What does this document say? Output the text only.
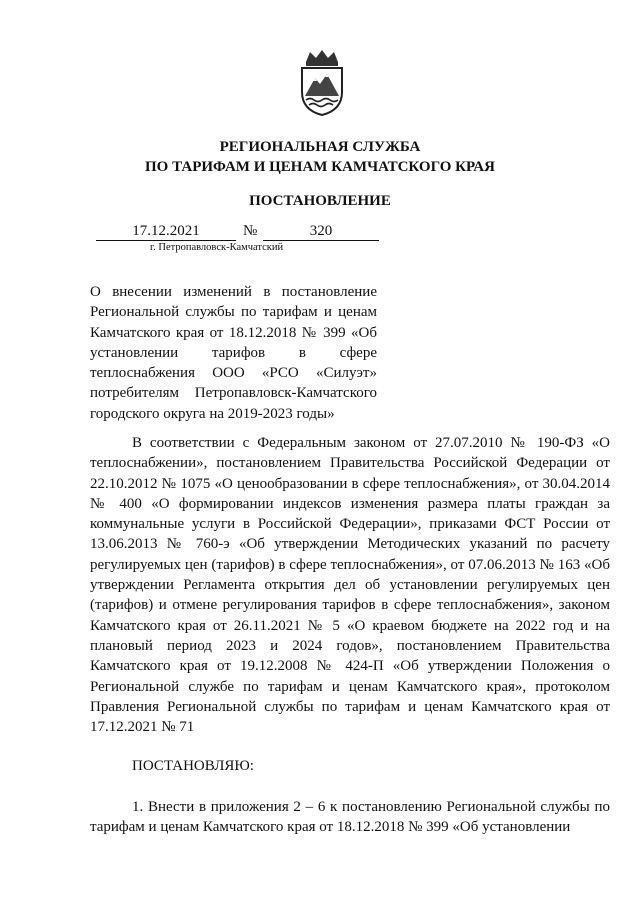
РЕГИОНАЛЬНАЯ СЛУЖБА
ПО ТАРИФАМ И ЦЕНАМ КАМЧАТСКОГО КРАЯ
ПОСТАНОВЛЕНИЕ
17.12.2021	№	320
г. Петропавловск-Камчатский
О внесении изменений в постановление Региональной службы по тарифам и ценам Камчатского края от 18.12.2018 № 399 «Об установлении тарифов в сфере теплоснабжения ООО «РСО «Силуэт» потребителям Петропавловск-Камчатского городского округа на 2019-2023 годы»

В соответствии с Федеральным законом от 27.07.2010 № 190-ФЗ «О теплоснабжении», постановлением Правительства Российской Федерации от 22.10.2012 № 1075 «О ценообразовании в сфере теплоснабжения», от 30.04.2014 № 400 «О формировании индексов изменения размера платы граждан за коммунальные услуги в Российской Федерации», приказами ФСТ России от 13.06.2013 № 760-э «Об утверждении Методических указаний по расчету регулируемых цен (тарифов) в сфере теплоснабжения», от 07.06.2013 № 163 «Об утверждении Регламента открытия дел об установлении регулируемых цен (тарифов) и отмене регулирования тарифов в сфере теплоснабжения», законом Камчатского края от 26.11.2021 № 5 «О краевом бюджете на 2022 год и на плановый период 2023 и 2024 годов», постановлением Правительства Камчатского края от 19.12.2008 № 424-П «Об утверждении Положения о Региональной службе по тарифам и ценам Камчатского края», протоколом Правления Региональной службы по тарифам и ценам Камчатского края от 17.12.2021 № 71

ПОСТАНОВЛЯЮ:

1. Внести в приложения 2 – 6 к постановлению Региональной службы по тарифам и ценам Камчатского края от 18.12.2018 № 399 «Об установлении
